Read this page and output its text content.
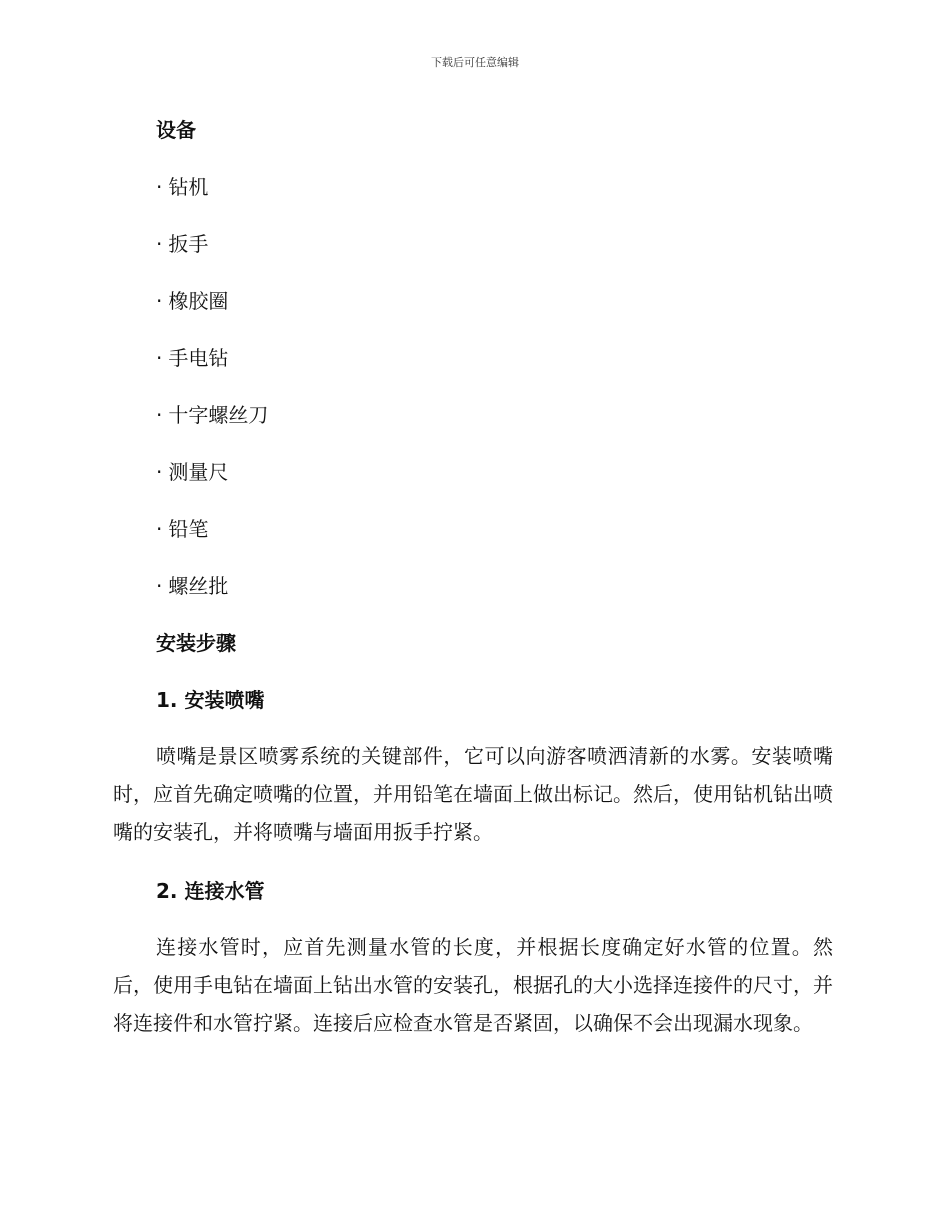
下载后可任意编辑
设备
· 钻机
· 扳手
· 橡胶圈
· 手电钻
· 十字螺丝刀
· 测量尺
· 铅笔
· 螺丝批
安装步骤
1. 安装喷嘴

喷嘴是景区喷雾系统的关键部件，它可以向游客喷洒清新的水雾。安装喷嘴时，应首先确定喷嘴的位置，并用铅笔在墙面上做出标记。然后，使用钻机钻出喷嘴的安装孔，并将喷嘴与墙面用扳手拧紧。

2. 连接水管

连接水管时，应首先测量水管的长度，并根据长度确定好水管的位置。然后，使用手电钻在墙面上钻出水管的安装孔，根据孔的大小选择连接件的尺寸，并将连接件和水管拧紧。连接后应检查水管是否紧固，以确保不会出现漏水现象。
